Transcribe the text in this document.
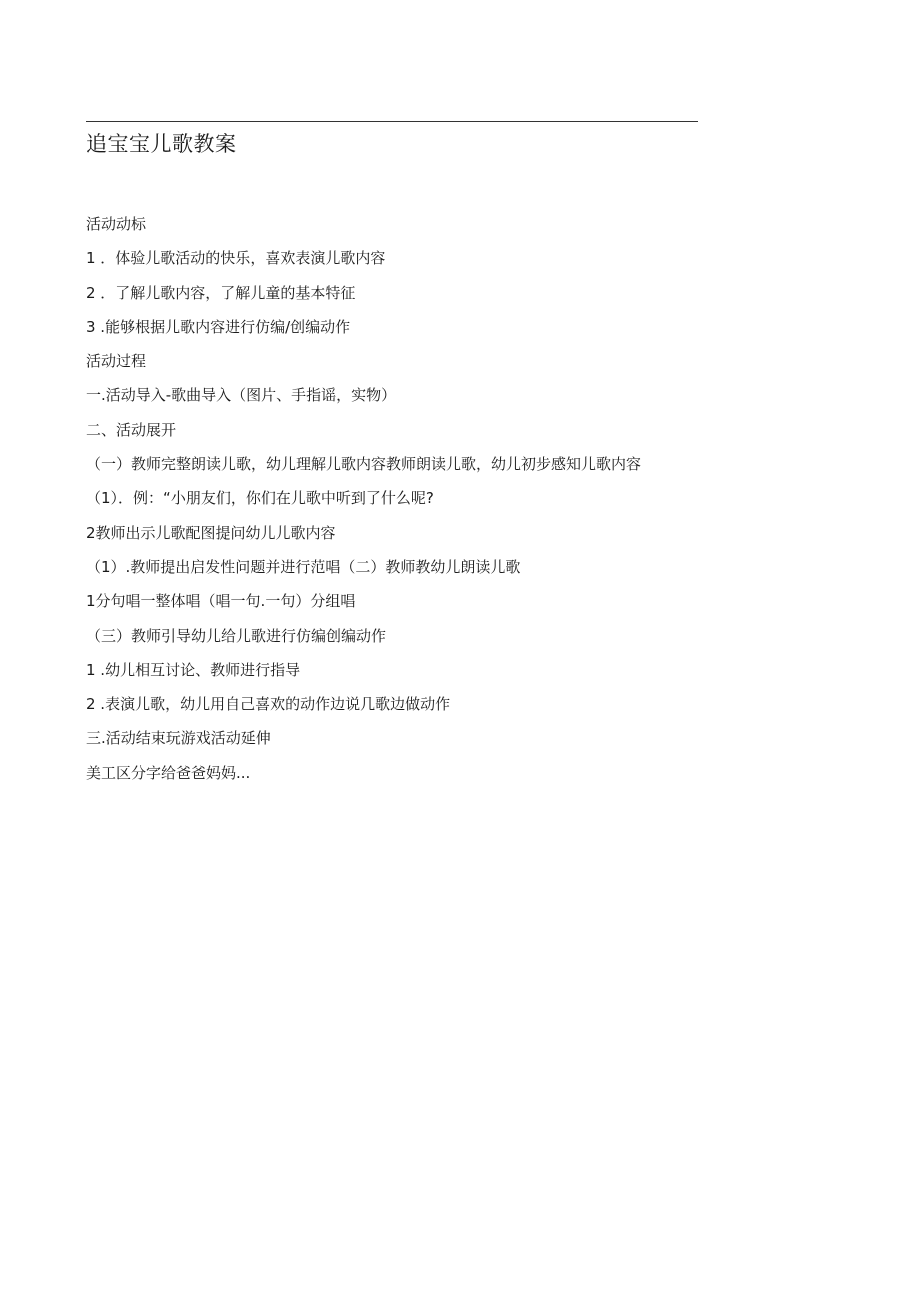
追宝宝儿歌教案
活动动标
1 ．体验儿歌活动的快乐，喜欢表演儿歌内容
2 ．了解儿歌内容，了解儿童的基本特征
3 .能够根据儿歌内容进行仿编/创编动作
活动过程
一.活动导入-歌曲导入（图片、手指谣，实物）
二、活动展开
（一）教师完整朗读儿歌，幼儿理解儿歌内容教师朗读儿歌，幼儿初步感知儿歌内容
（1）．例：“小朋友们，你们在儿歌中听到了什么呢?
2教师出示儿歌配图提问幼儿儿歌内容
（1）.教师提出启发性问题并进行范唱（二）教师教幼儿朗读儿歌
1分句唱一整体唱（唱一句.一句）分组唱
（三）教师引导幼儿给儿歌进行仿编创编动作
1 .幼儿相互讨论、教师进行指导
2 .表演儿歌，幼儿用自己喜欢的动作边说几歌边做动作
三.活动结束玩游戏活动延伸
美工区分字给爸爸妈妈...
